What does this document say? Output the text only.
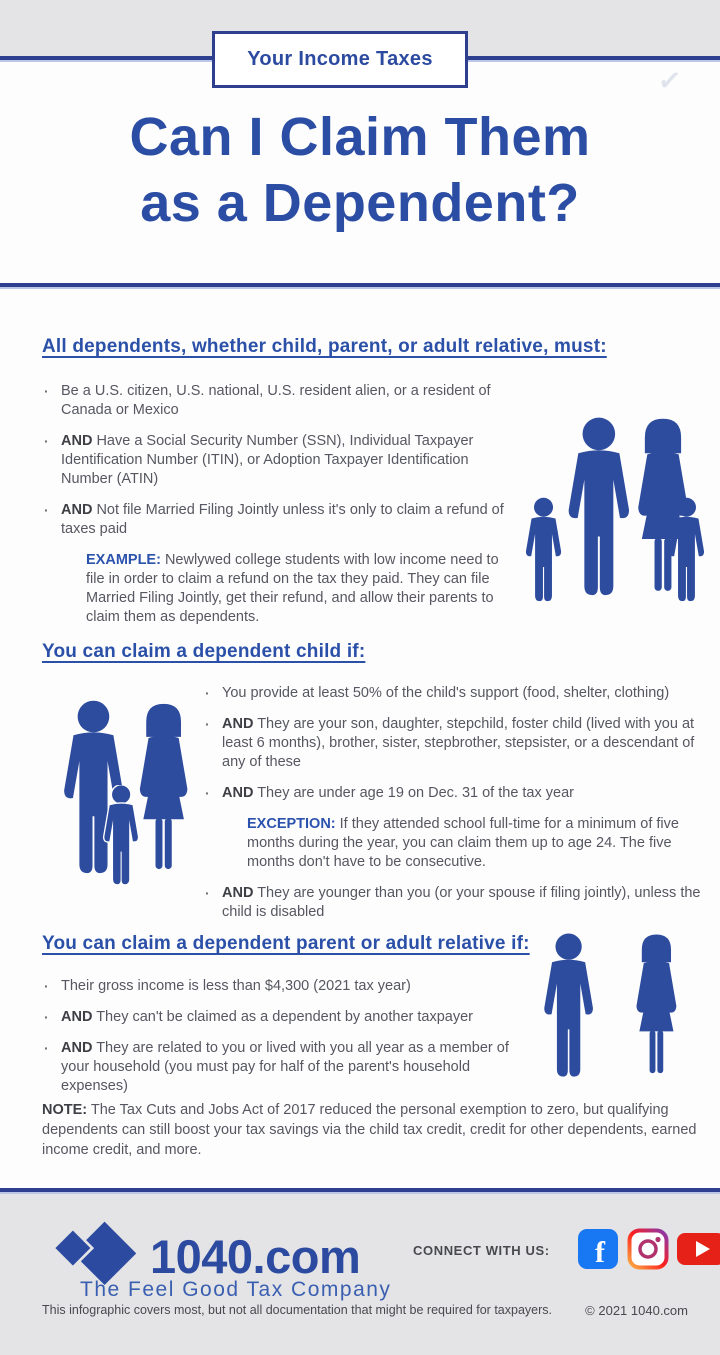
Your Income Taxes
✓
Can I Claim Them
as a Dependent?
All dependents, whether child, parent, or adult relative, must:
·

Be a U.S. citizen, U.S. national, U.S. resident alien, or a resident of Canada or Mexico

·

AND Have a Social Security Number (SSN), Individual Taxpayer Identification Number (ITIN), or Adoption Taxpayer Identification Number (ATIN)

·

AND Not file Married Filing Jointly unless it's only to claim a refund of taxes paid

EXAMPLE: Newlywed college students with low income need to file in order to claim a refund on the tax they paid. They can file Married Filing Jointly, get their refund, and allow their parents to claim them as dependents.
You can claim a dependent child if:
·

You provide at least 50% of the child's support (food, shelter, clothing)

·

AND They are your son, daughter, stepchild, foster child (lived with you at least 6 months), brother, sister, stepbrother, stepsister, or a descendant of any of these

·

AND They are under age 19 on Dec. 31 of the tax year

EXCEPTION: If they attended school full-time for a minimum of five months during the year, you can claim them up to age 24. The five months don't have to be consecutive.
·

AND They are younger than you (or your spouse if filing jointly), unless the child is disabled

You can claim a dependent parent or adult relative if:
·

Their gross income is less than $4,300 (2021 tax year)

·

AND They can't be claimed as a dependent by another taxpayer

·

AND They are related to you or lived with you all year as a member of your household (you must pay for half of the parent's household expenses)

NOTE: The Tax Cuts and Jobs Act of 2017 reduced the personal exemption to zero, but qualifying dependents can still boost your tax savings via the child tax credit, credit for other dependents, earned income credit, and more.
1040.com
The Feel Good Tax Company
CONNECT WITH US: f
This infographic covers most, but not all documentation that might be required for taxpayers.	© 2021 1040.com
